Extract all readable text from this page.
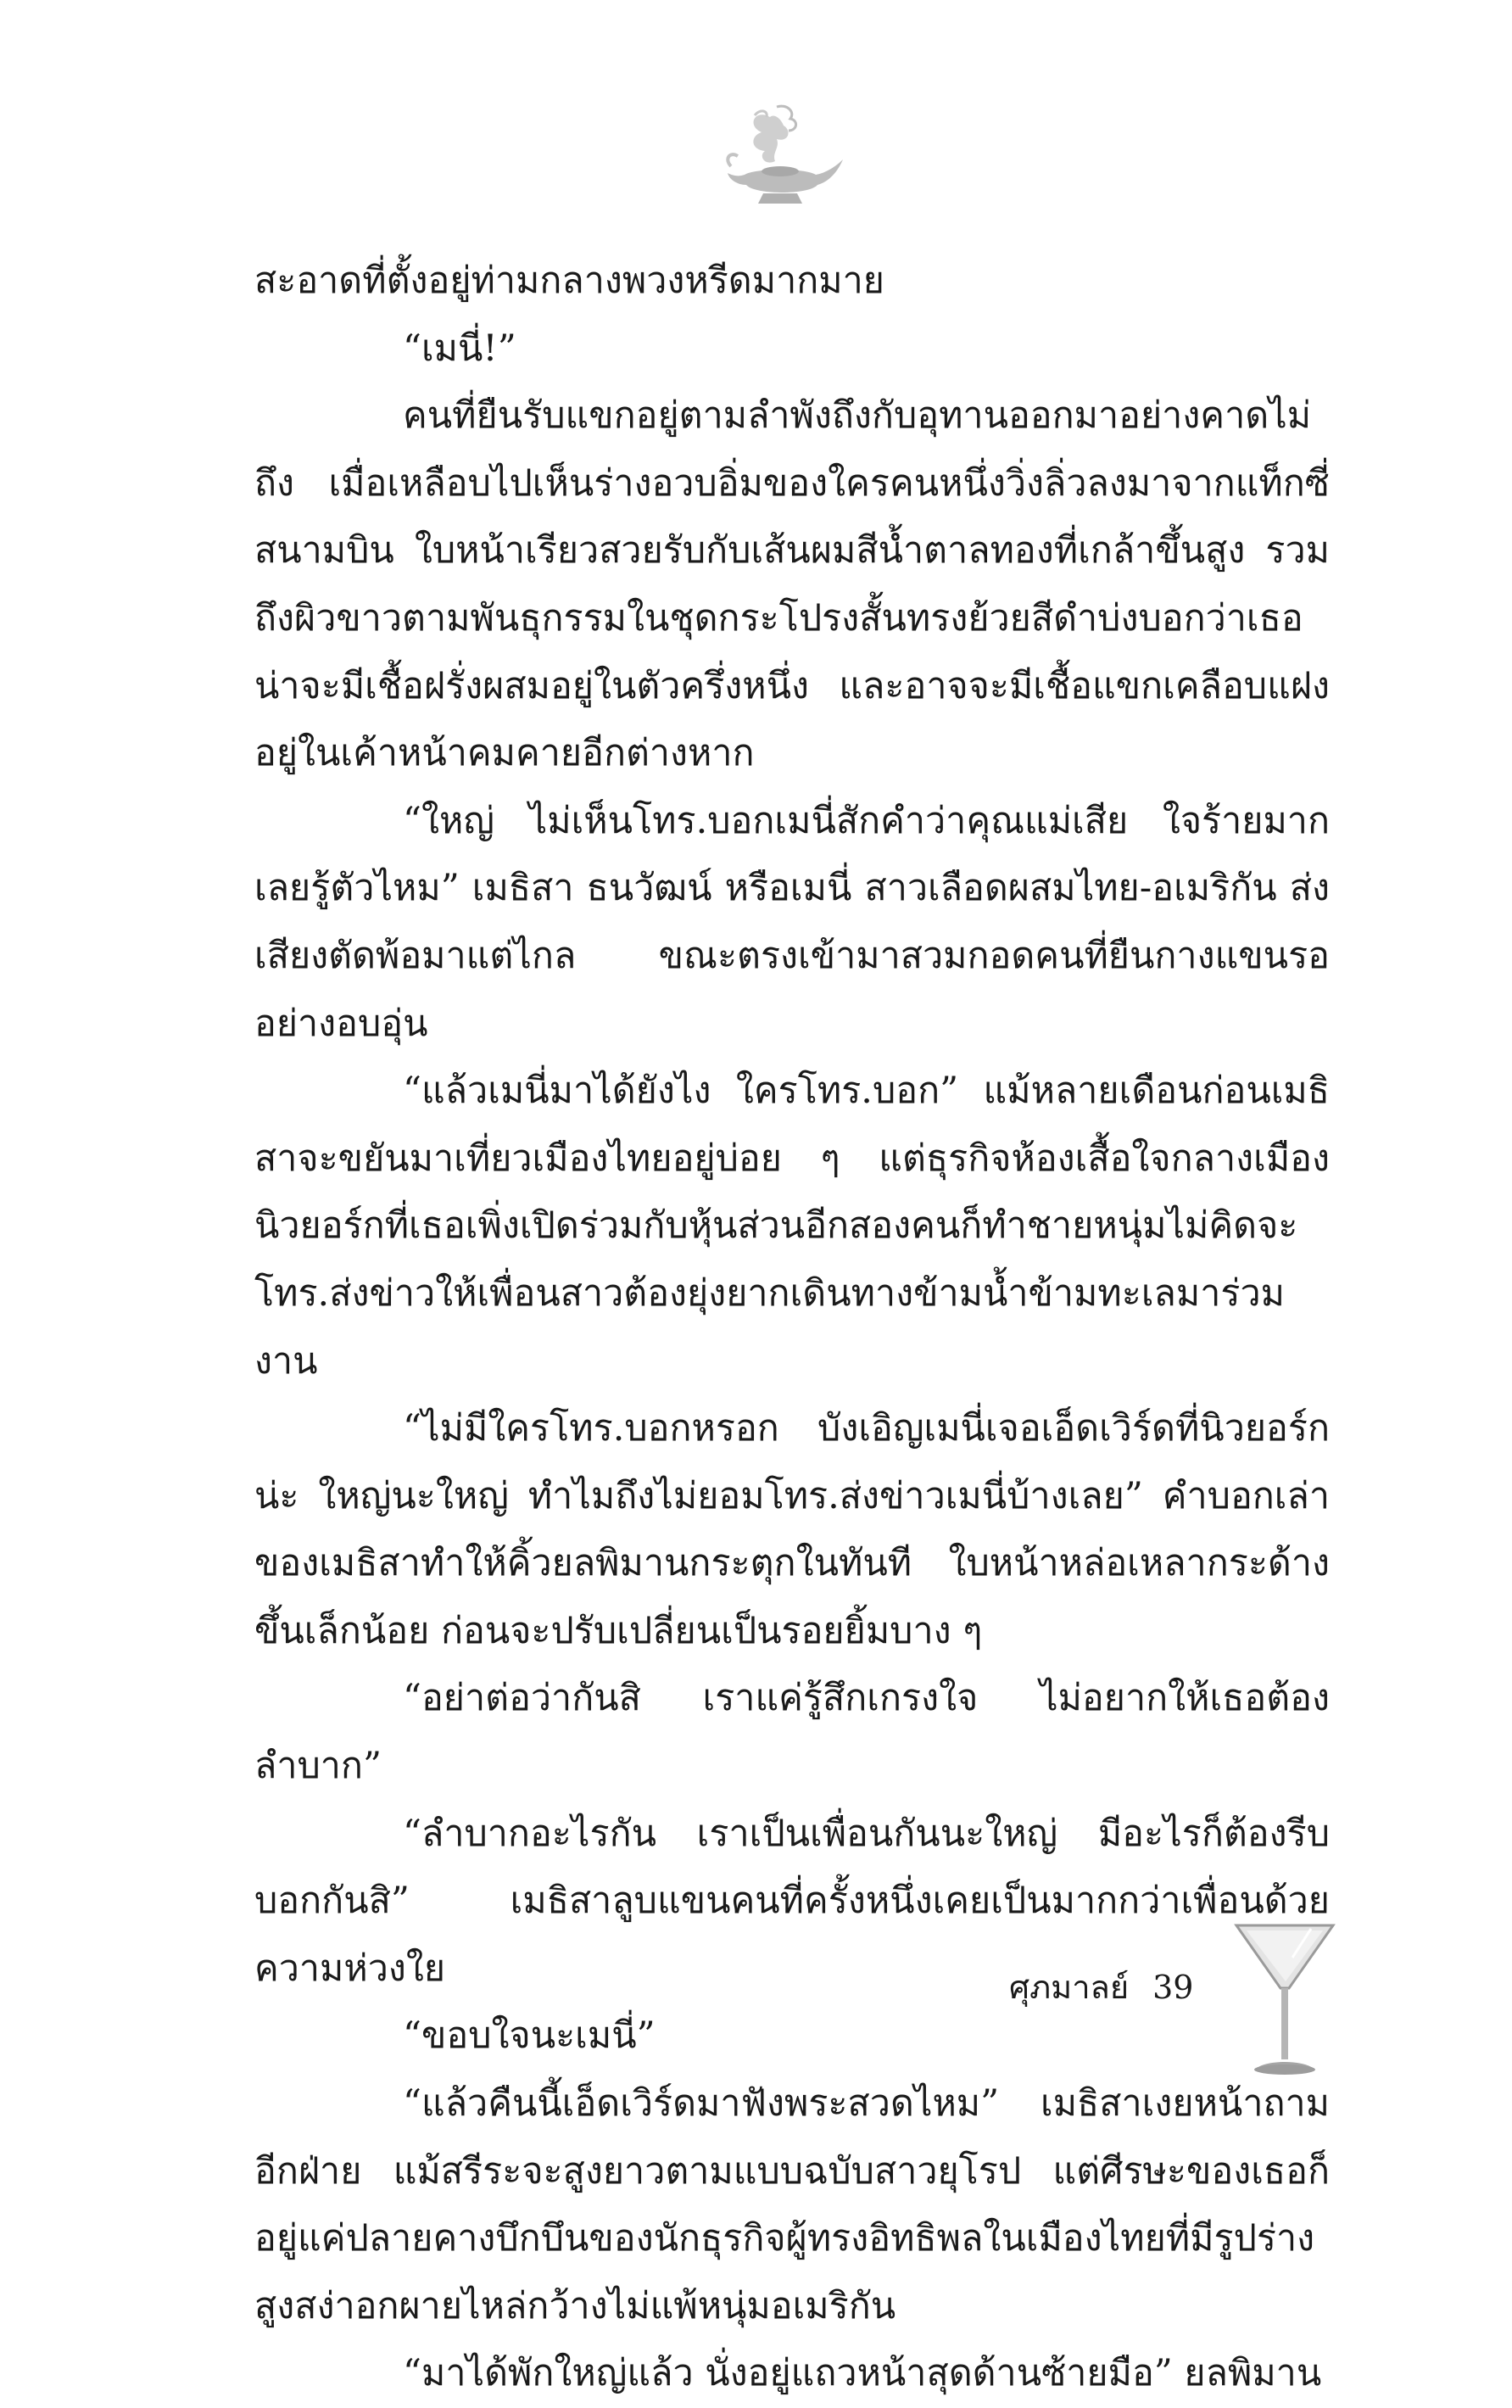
สะอาดที่ตั้งอยู่ท่ามกลางพวงหรีดมากมาย

“เมนี่!”

คนที่ยืนรับแขกอยู่ตามลำพังถึงกับอุทานออกมาอย่างคาดไม่ถึง เมื่อเหลือบไปเห็นร่างอวบอิ่มของใครคนหนึ่งวิ่งลิ่วลงมาจากแท็กซี่สนามบิน ใบหน้าเรียวสวยรับกับเส้นผมสีน้ำตาลทองที่เกล้าขึ้นสูง รวมถึงผิวขาวตามพันธุกรรมในชุดกระโปรงสั้นทรงย้วยสีดำบ่งบอกว่าเธอน่าจะมีเชื้อฝรั่งผสมอยู่ในตัวครึ่งหนึ่ง และอาจจะมีเชื้อแขกเคลือบแฝงอยู่ในเค้าหน้าคมคายอีกต่างหาก

“ใหญ่ ไม่เห็นโทร.บอกเมนี่สักคำว่าคุณแม่เสีย ใจร้ายมากเลยรู้ตัวไหม” เมธิสา ธนวัฒน์ หรือเมนี่ สาวเลือดผสมไทย-อเมริกัน ส่งเสียงตัดพ้อมาแต่ไกล ขณะตรงเข้ามาสวมกอดคนที่ยืนกางแขนรออย่างอบอุ่น

“แล้วเมนี่มาได้ยังไง ใครโทร.บอก” แม้หลายเดือนก่อนเมธิสาจะขยันมาเที่ยวเมืองไทยอยู่บ่อย ๆ แต่ธุรกิจห้องเสื้อใจกลางเมืองนิวยอร์กที่เธอเพิ่งเปิดร่วมกับหุ้นส่วนอีกสองคนก็ทำชายหนุ่มไม่คิดจะโทร.ส่งข่าวให้เพื่อนสาวต้องยุ่งยากเดินทางข้ามน้ำข้ามทะเลมาร่วมงาน

“ไม่มีใครโทร.บอกหรอก บังเอิญเมนี่เจอเอ็ดเวิร์ดที่นิวยอร์กน่ะ ใหญ่นะใหญ่ ทำไมถึงไม่ยอมโทร.ส่งข่าวเมนี่บ้างเลย” คำบอกเล่าของเมธิสาทำให้คิ้วยลพิมานกระตุกในทันที ใบหน้าหล่อเหลากระด้างขึ้นเล็กน้อย ก่อนจะปรับเปลี่ยนเป็นรอยยิ้มบาง ๆ

“อย่าต่อว่ากันสิ เราแค่รู้สึกเกรงใจ ไม่อยากให้เธอต้องลำบาก”

“ลำบากอะไรกัน เราเป็นเพื่อนกันนะใหญ่ มีอะไรก็ต้องรีบบอกกันสิ” เมธิสาลูบแขนคนที่ครั้งหนึ่งเคยเป็นมากกว่าเพื่อนด้วยความห่วงใย

“ขอบใจนะเมนี่”

“แล้วคืนนี้เอ็ดเวิร์ดมาฟังพระสวดไหม” เมธิสาเงยหน้าถามอีกฝ่าย แม้สรีระจะสูงยาวตามแบบฉบับสาวยุโรป แต่ศีรษะของเธอก็อยู่แค่ปลายคางบึกบึนของนักธุรกิจผู้ทรงอิทธิพลในเมืองไทยที่มีรูปร่างสูงสง่าอกผายไหล่กว้างไม่แพ้หนุ่มอเมริกัน

“มาได้พักใหญ่แล้ว นั่งอยู่แถวหน้าสุดด้านซ้ายมือ” ยลพิมาน

ศุภมาลย์ 39
